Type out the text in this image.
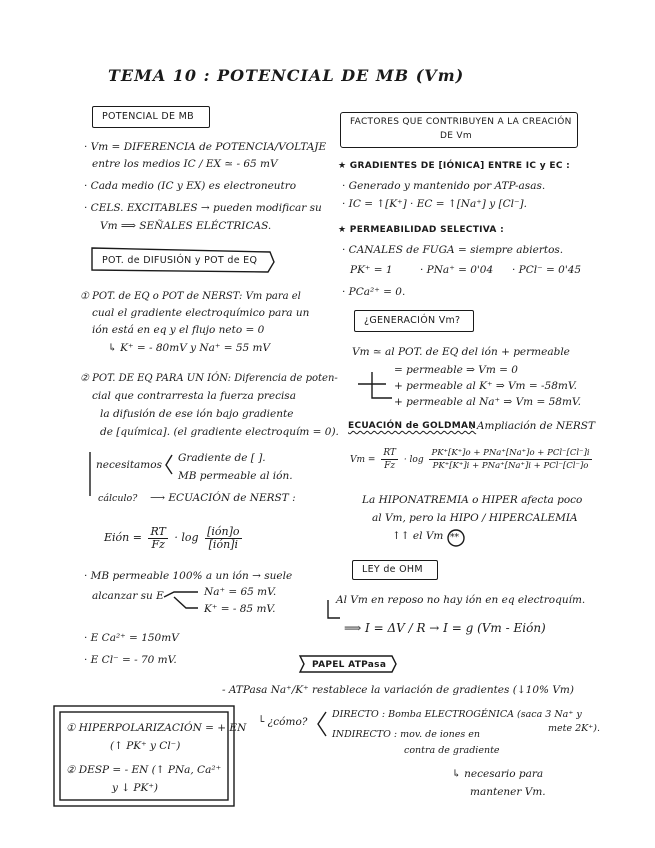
TEMA 10 : POTENCIAL DE MB (Vm)
POTENCIAL DE MB
· Vm = DIFERENCIA de POTENCIA/VOLTAJE
entre los medios IC / EX ≃ - 65 mV
· Cada medio (IC y EX) es electroneutro
· CELS. EXCITABLES → pueden modificar su
Vm ⟹ SEÑALES ELÉCTRICAS.
POT. de DIFUSIÓN y POT de EQ
① POT. de EQ o POT de NERST: Vm para el
cual el gradiente electroquímico para un
ión está en eq y el flujo neto = 0
↳ K⁺ = - 80mV y Na⁺ = 55 mV
② POT. DE EQ PARA UN IÓN: Diferencia de poten-
cial que contrarresta la fuerza precisa
la difusión de ese ión bajo gradiente
de [química]. (el gradiente electroquím = 0).
necesitamos
Gradiente de [ ].
MB permeable al ión.
cálculo? ⟶ ECUACIÓN de NERST :
Eión = $\frac{RT}{Fz} \cdot \log \frac{\text{[ión]o}}{\text{[ión]i}}$
· MB permeable 100% a un ión → suele
alcanzar su E	Na⁺ = 65 mV.
K⁺ = - 85 mV.
· E Ca²⁺ = 150mV
· E Cl⁻ = - 70 mV.
① HIPERPOLARIZACIÓN = + EN
(↑ PK⁺ y Cl⁻)
② DESP = - EN (↑ PNa, Ca²⁺
y ↓ PK⁺)
FACTORES QUE CONTRIBUYEN A LA CREACIÓN
DE Vm
★ GRADIENTES DE [IÓNICA] ENTRE IC y EC :
· Generado y mantenido por ATP-asas.
· IC = ↑[K⁺] · EC = ↑[Na⁺] y [Cl⁻].
★ PERMEABILIDAD SELECTIVA :
· CANALES de FUGA = siempre abiertos.
PK⁺ = 1	· PNa⁺ = 0'04 · PCl⁻ = 0'45
· PCa²⁺ = 0.
¿GENERACIÓN Vm?
Vm ≃ al POT. de EQ del ión + permeable
= permeable ⇒ Vm = 0
+ permeable al K⁺ ⇒ Vm = -58mV.
+ permeable al Na⁺ ⇒ Vm = 58mV.
ECUACIÓN de GOLDMAN
: Ampliación de NERST
$Vm = \frac{RT}{Fz} \cdot \log \frac{\text{PK⁺[K⁺]o + PNa⁺[Na⁺]o + PCl⁻[Cl⁻]i}}{\text{PK⁺[K⁺]i + PNa⁺[Na⁺]i + PCl⁻[Cl⁻]o}}$
La HIPONATREMIA o HIPER afecta poco
al Vm, pero la HIPO / HIPERCALEMIA
↑↑ el Vm **
LEY de OHM
Al Vm en reposo no hay ión en eq electroquím.
⟹ I = ΔV / R → I = g (Vm - Eión)
PAPEL ATPasa
- ATPasa Na⁺/K⁺ restablece la variación de gradientes (↓10% Vm)
└ ¿cómo?
DIRECTO : Bomba ELECTROGÉNICA (saca 3 Na⁺ y
mete 2K⁺).
INDIRECTO : mov. de iones en
contra de gradiente
↳ necesario para
mantener Vm.
